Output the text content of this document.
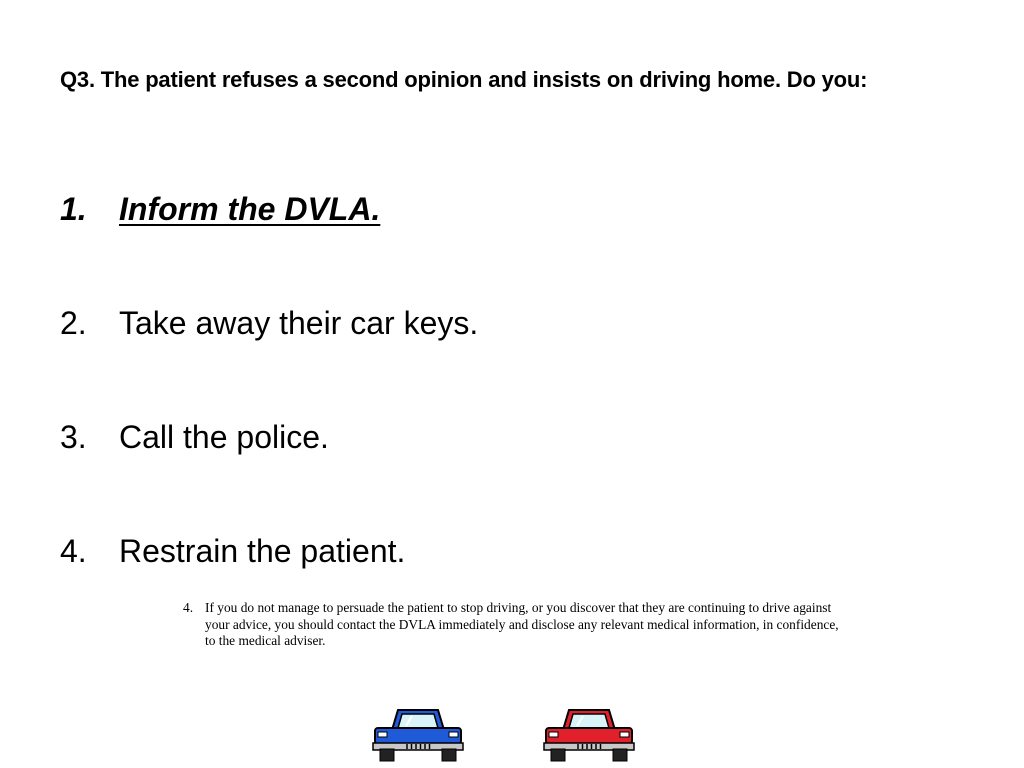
Q3. The patient refuses a second opinion and insists on driving home. Do you:
1.	Inform the DVLA.
2.	Take away their car keys.
3.	Call the police.
4.	Restrain the patient.
4. If you do not manage to persuade the patient to stop driving, or you discover that they are continuing to drive against your advice, you should contact the DVLA immediately and disclose any relevant medical information, in confidence, to the medical adviser.
